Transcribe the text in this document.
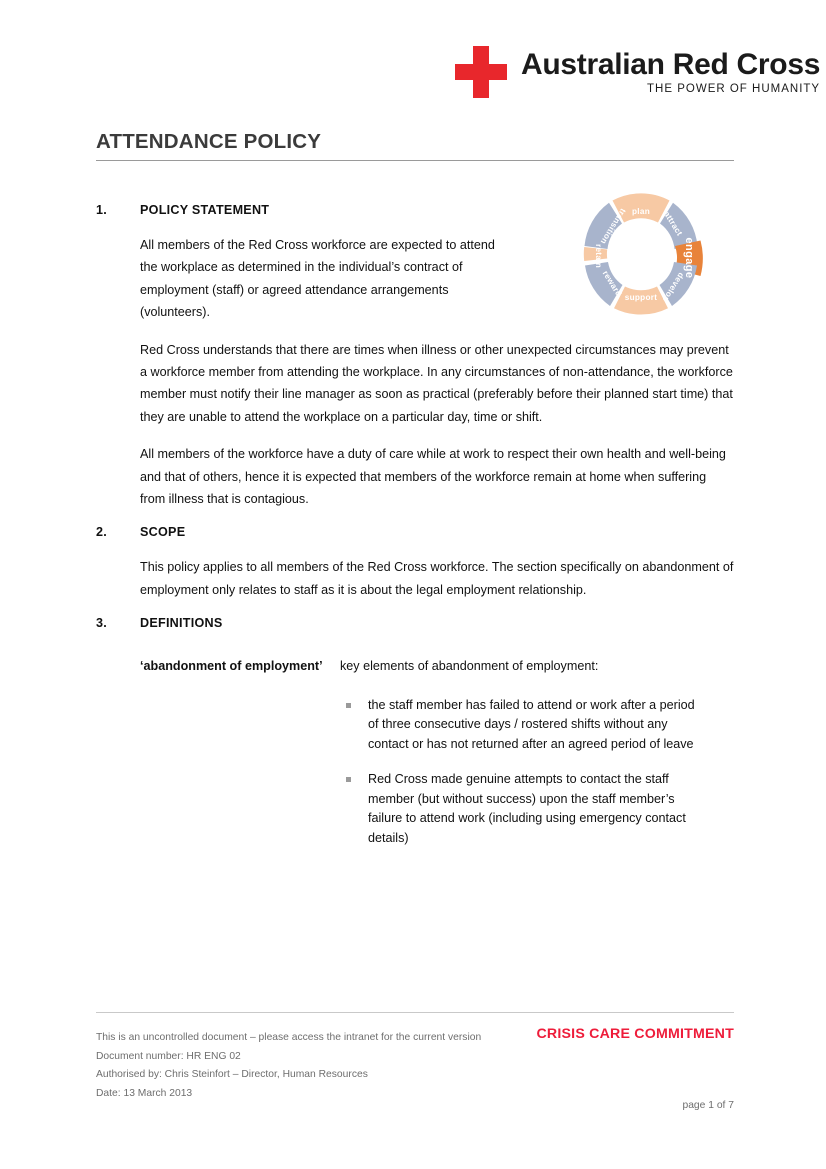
Australian Red Cross
THE POWER OF HUMANITY
ATTENDANCE POLICY
plan attract
engage
develop
support
reward
retain
transition
1.	POLICY STATEMENT

All members of the Red Cross workforce are expected to attend the workplace as determined in the individual’s contract of employment (staff) or agreed attendance arrangements (volunteers).

Red Cross understands that there are times when illness or other unexpected circumstances may prevent a workforce member from attending the workplace. In any circumstances of non-attendance, the workforce member must notify their line manager as soon as practical (preferably before their planned start time) that they are unable to attend the workplace on a particular day, time or shift.

All members of the workforce have a duty of care while at work to respect their own health and well-being and that of others, hence it is expected that members of the workforce remain at home when suffering from illness that is contagious.

2.	SCOPE

This policy applies to all members of the Red Cross workforce. The section specifically on abandonment of employment only relates to staff as it is about the legal employment relationship.

3.	DEFINITIONS
‘abandonment of employment’	key elements of abandonment of employment:
the staff member has failed to attend or work after a period of three consecutive days / rostered shifts without any contact or has not returned after an agreed period of leave
Red Cross made genuine attempts to contact the staff member (but without success) upon the staff member’s failure to attend work (including using emergency contact details)
This is an uncontrolled document – please access the intranet for the current version
Document number: HR ENG 02
Authorised by: Chris Steinfort – Director, Human Resources
Date: 13 March 2013
CRISIS CARE COMMITMENT
page 1 of 7
